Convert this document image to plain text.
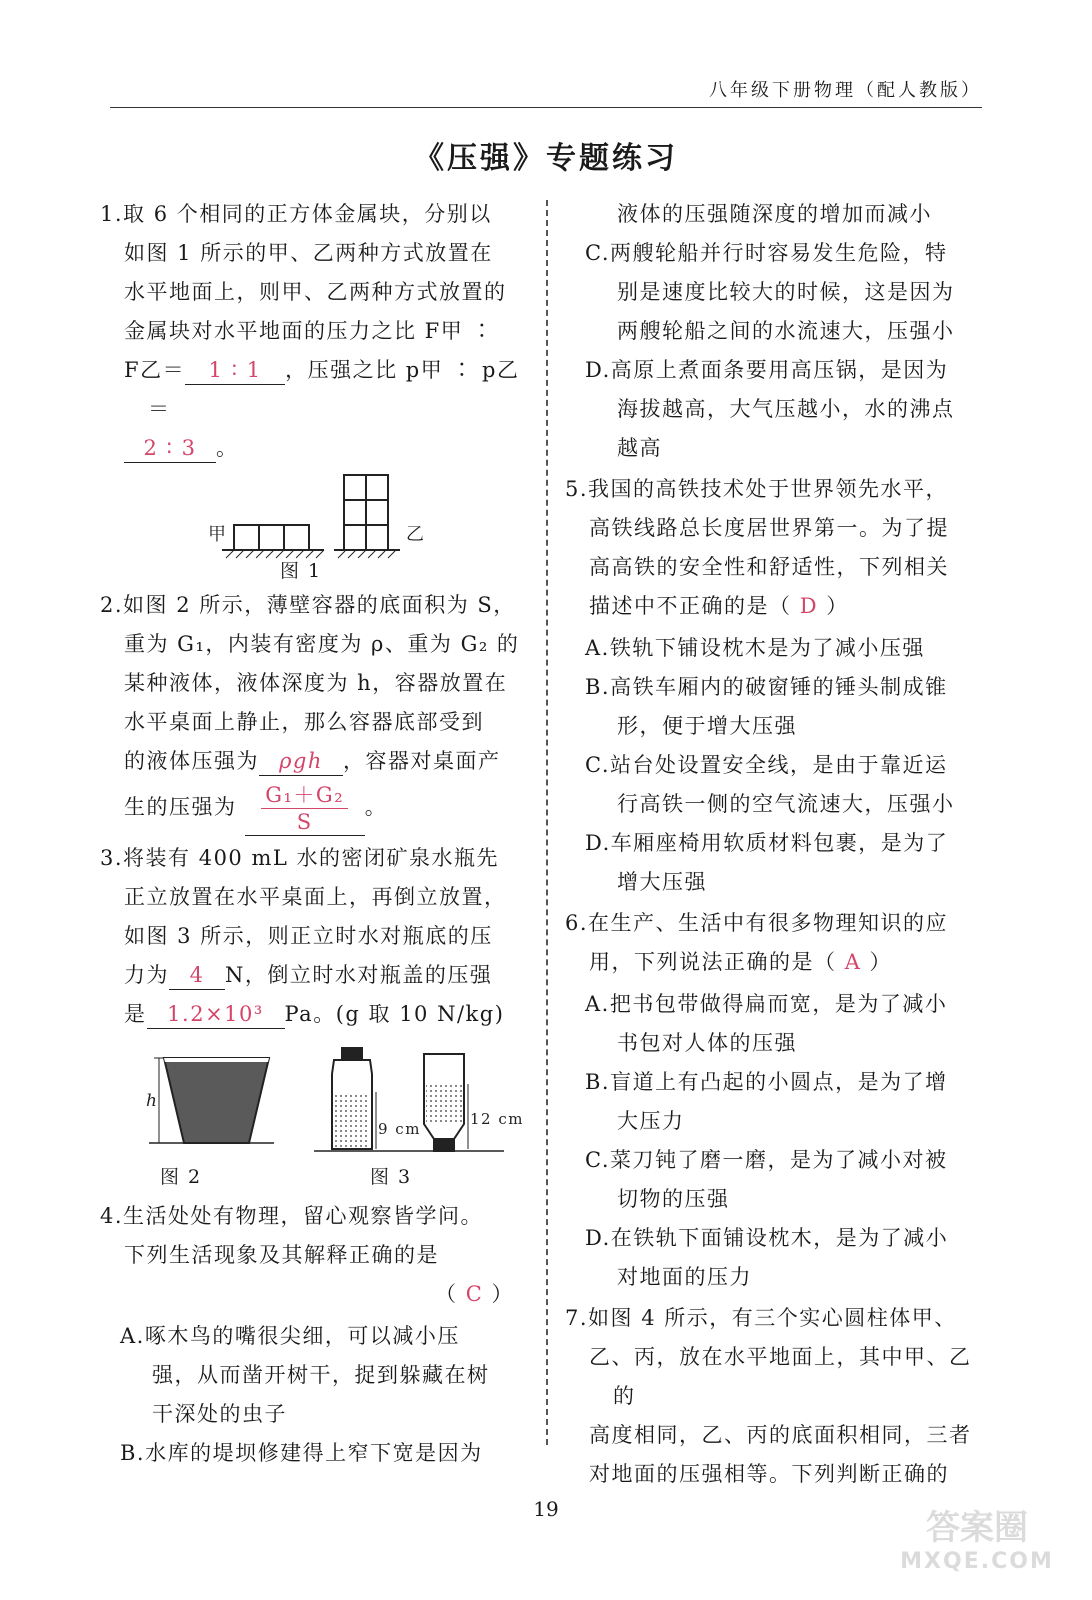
八年级下册物理（配人教版）
《压强》专题练习
1.取 6 个相同的正方体金属块，分别以
如图 1 所示的甲、乙两种方式放置在
水平地面上，则甲、乙两种方式放置的
金属块对水平地面的压力之比 F甲 ∶
F乙＝ 1 ∶ 1 ，压强之比 p甲 ∶ p乙＝
2 ∶ 3 。
甲	乙
图 1
2.如图 2 所示，薄壁容器的底面积为 S，
重为 G₁，内装有密度为 ρ、重为 G₂ 的
某种液体，液体深度为 h，容器放置在
水平桌面上静止，那么容器底部受到
的液体压强为 ρgh ，容器对桌面产
生的压强为 $\frac{\text{G₁＋G₂}}{S}$ 。
3.将装有 400 mL 水的密闭矿泉水瓶先
正立放置在水平桌面上，再倒立放置，
如图 3 所示，则正立时水对瓶底的压
力为 4 N，倒立时水对瓶盖的压强
是 1.2×10³ Pa。(g 取 10 N/kg)
h
图 2
9 cm
12 cm
图 3
4.生活处处有物理，留心观察皆学问。
下列生活现象及其解释正确的是
（ C ）
A.啄木鸟的嘴很尖细，可以减小压
强，从而凿开树干，捉到躲藏在树
干深处的虫子
B.水库的堤坝修建得上窄下宽是因为
液体的压强随深度的增加而减小
C.两艘轮船并行时容易发生危险，特
别是速度比较大的时候，这是因为
两艘轮船之间的水流速大，压强小
D.高原上煮面条要用高压锅，是因为
海拔越高，大气压越小，水的沸点
越高
5.我国的高铁技术处于世界领先水平，
高铁线路总长度居世界第一。为了提
高高铁的安全性和舒适性，下列相关
描述中不正确的是（ D ）
A.铁轨下铺设枕木是为了减小压强
B.高铁车厢内的破窗锤的锤头制成锥
形，便于增大压强
C.站台处设置安全线，是由于靠近运
行高铁一侧的空气流速大，压强小
D.车厢座椅用软质材料包裹，是为了
增大压强
6.在生产、生活中有很多物理知识的应
用，下列说法正确的是（ A ）
A.把书包带做得扁而宽，是为了减小
书包对人体的压强
B.盲道上有凸起的小圆点，是为了增
大压力
C.菜刀钝了磨一磨，是为了减小对被
切物的压强
D.在铁轨下面铺设枕木，是为了减小
对地面的压力
7.如图 4 所示，有三个实心圆柱体甲、
乙、丙，放在水平地面上，其中甲、乙的
高度相同，乙、丙的底面积相同，三者
对地面的压强相等。下列判断正确的
19	答案圈
MXQE.COM
